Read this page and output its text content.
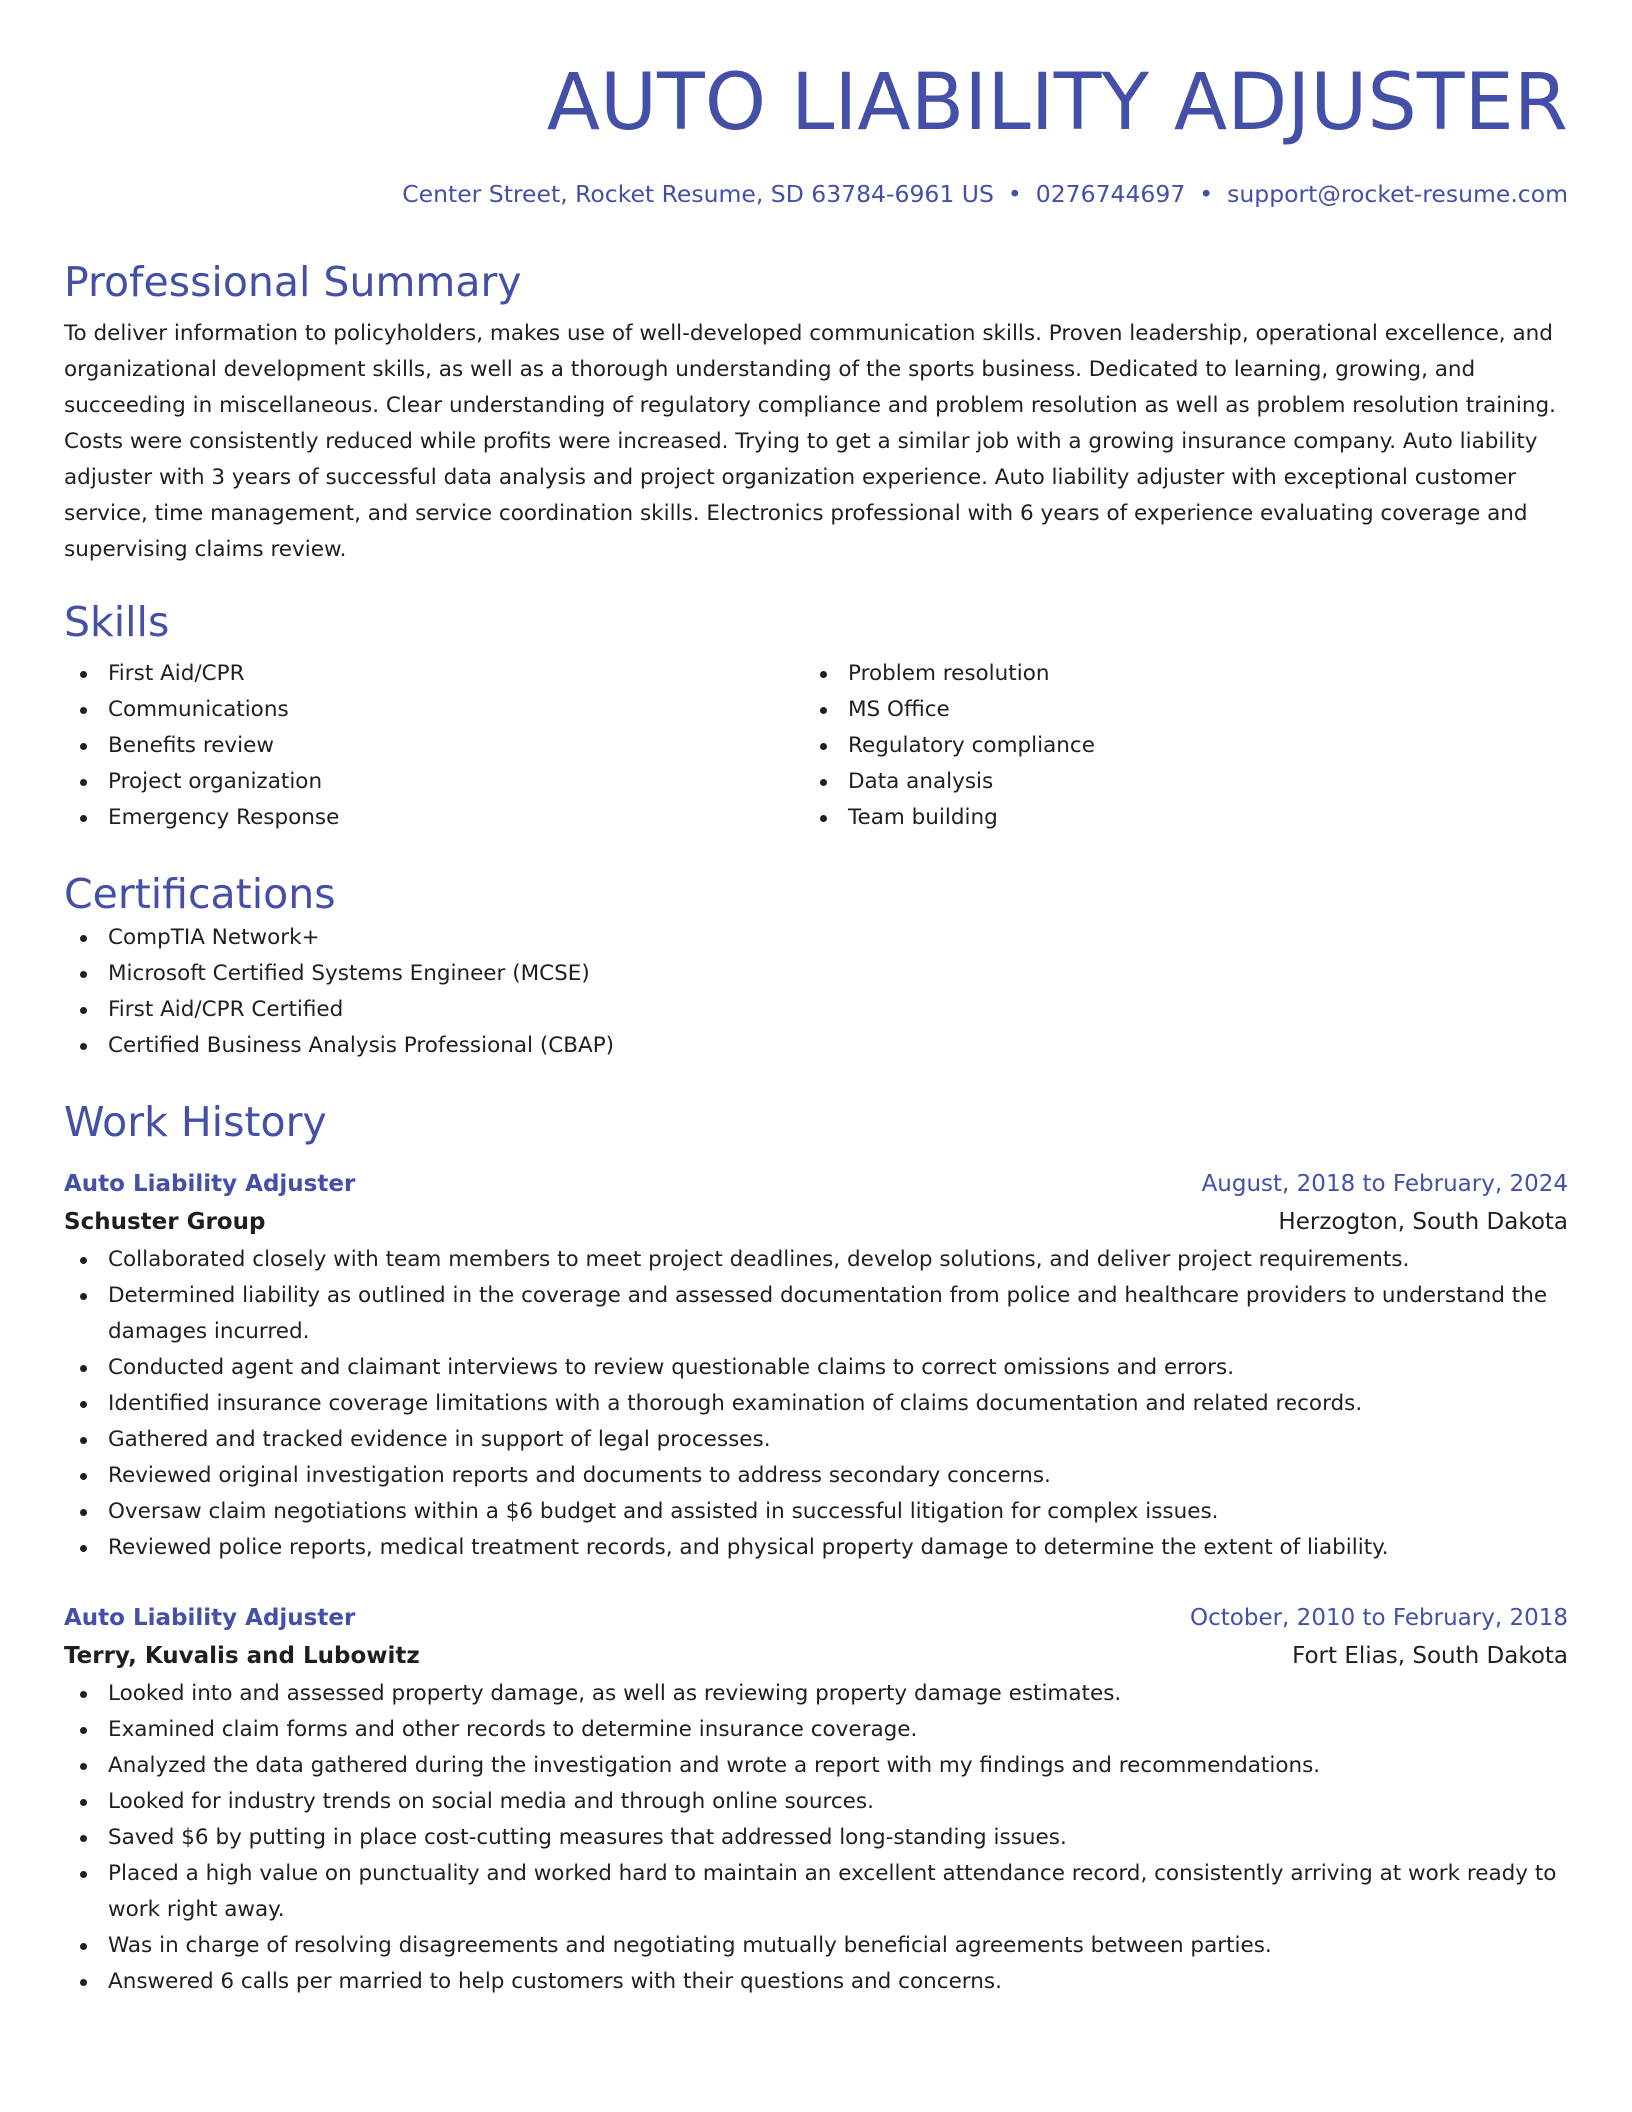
AUTO LIABILITY ADJUSTER
Center Street, Rocket Resume, SD 63784-6961 US • 0276744697 • support@rocket-resume.com
Professional Summary

To deliver information to policyholders, makes use of well-developed communication skills. Proven leadership, operational excellence, and organizational development skills, as well as a thorough understanding of the sports business. Dedicated to learning, growing, and succeeding in miscellaneous. Clear understanding of regulatory compliance and problem resolution as well as problem resolution training. Costs were consistently reduced while profits were increased. Trying to get a similar job with a growing insurance company. Auto liability adjuster with 3 years of successful data analysis and project organization experience. Auto liability adjuster with exceptional customer service, time management, and service coordination skills. Electronics professional with 6 years of experience evaluating coverage and supervising claims review.

Skills
First Aid/CPR
Communications
Benefits review
Project organization
Emergency Response
Problem resolution
MS Office
Regulatory compliance
Data analysis
Team building
Certifications
CompTIA Network+
Microsoft Certified Systems Engineer (MCSE)
First Aid/CPR Certified
Certified Business Analysis Professional (CBAP)
Work History
Auto Liability Adjuster	August, 2018 to February, 2024
Schuster Group	Herzogton, South Dakota
Collaborated closely with team members to meet project deadlines, develop solutions, and deliver project requirements.
Determined liability as outlined in the coverage and assessed documentation from police and healthcare providers to understand the damages incurred.
Conducted agent and claimant interviews to review questionable claims to correct omissions and errors.
Identified insurance coverage limitations with a thorough examination of claims documentation and related records.
Gathered and tracked evidence in support of legal processes.
Reviewed original investigation reports and documents to address secondary concerns.
Oversaw claim negotiations within a $6 budget and assisted in successful litigation for complex issues.
Reviewed police reports, medical treatment records, and physical property damage to determine the extent of liability.
Auto Liability Adjuster	October, 2010 to February, 2018
Terry, Kuvalis and Lubowitz	Fort Elias, South Dakota
Looked into and assessed property damage, as well as reviewing property damage estimates.
Examined claim forms and other records to determine insurance coverage.
Analyzed the data gathered during the investigation and wrote a report with my findings and recommendations.
Looked for industry trends on social media and through online sources.
Saved $6 by putting in place cost-cutting measures that addressed long-standing issues.
Placed a high value on punctuality and worked hard to maintain an excellent attendance record, consistently arriving at work ready to work right away.
Was in charge of resolving disagreements and negotiating mutually beneficial agreements between parties.
Answered 6 calls per married to help customers with their questions and concerns.
